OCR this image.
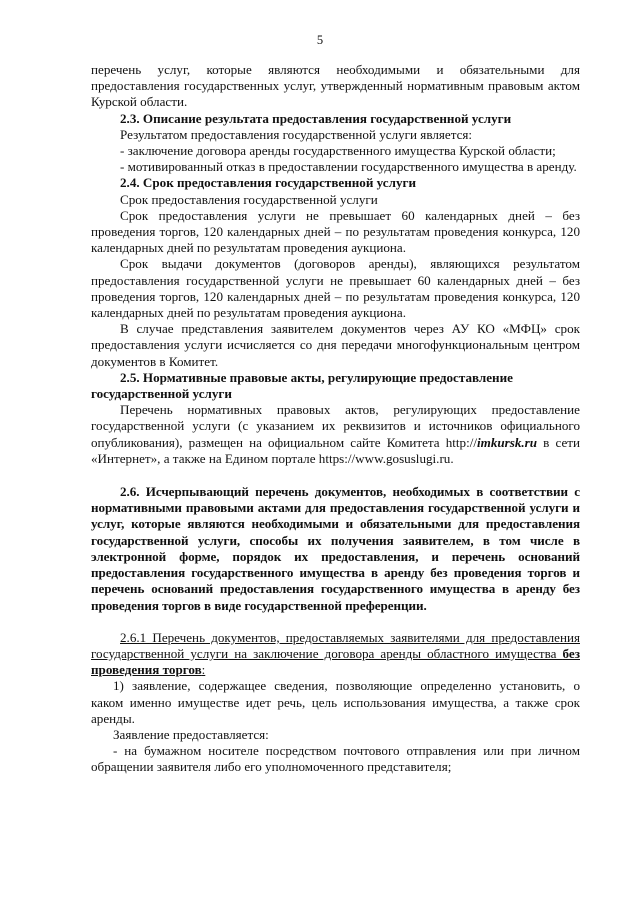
5

перечень услуг, которые являются необходимыми и обязательными для предоставления государственных услуг, утвержденный нормативным правовым актом Курской области.

2.3. Описание результата предоставления государственной услуги

Результатом предоставления государственной услуги является:

- заключение договора аренды государственного имущества Курской области;

- мотивированный отказ в предоставлении государственного имущества в аренду.

2.4. Срок предоставления государственной услуги

Срок предоставления государственной услуги

Срок предоставления услуги не превышает 60 календарных дней – без проведения торгов, 120 календарных дней – по результатам проведения конкурса, 120 календарных дней по результатам проведения аукциона.

Срок выдачи документов (договоров аренды), являющихся результатом предоставления государственной услуги не превышает 60 календарных дней – без проведения торгов, 120 календарных дней – по результатам проведения конкурса, 120 календарных дней по результатам проведения аукциона.

В случае представления заявителем документов через АУ КО «МФЦ» срок предоставления услуги исчисляется со дня передачи многофункциональным центром документов в Комитет.

2.5. Нормативные правовые акты, регулирующие предоставление государственной услуги

Перечень нормативных правовых актов, регулирующих предоставление государственной услуги (с указанием их реквизитов и источников официального опубликования), размещен на официальном сайте Комитета http://imkursk.ru в сети «Интернет», а также на Едином портале https://www.gosuslugi.ru.

2.6. Исчерпывающий перечень документов, необходимых в соответствии с нормативными правовыми актами для предоставления государственной услуги и услуг, которые являются необходимыми и обязательными для предоставления государственной услуги, способы их получения заявителем, в том числе в электронной форме, порядок их предоставления, и перечень оснований предоставления государственного имущества в аренду без проведения торгов и перечень оснований предоставления государственного имущества в аренду без проведения торгов в виде государственной преференции.

2.6.1 Перечень документов, предоставляемых заявителями для предоставления государственной услуги на заключение договора аренды областного имущества без проведения торгов:

1) заявление, содержащее сведения, позволяющие определенно установить, о каком именно имуществе идет речь, цель использования имущества, а также срок аренды.

Заявление предоставляется:

- на бумажном носителе посредством почтового отправления или при личном обращении заявителя либо его уполномоченного представителя;
